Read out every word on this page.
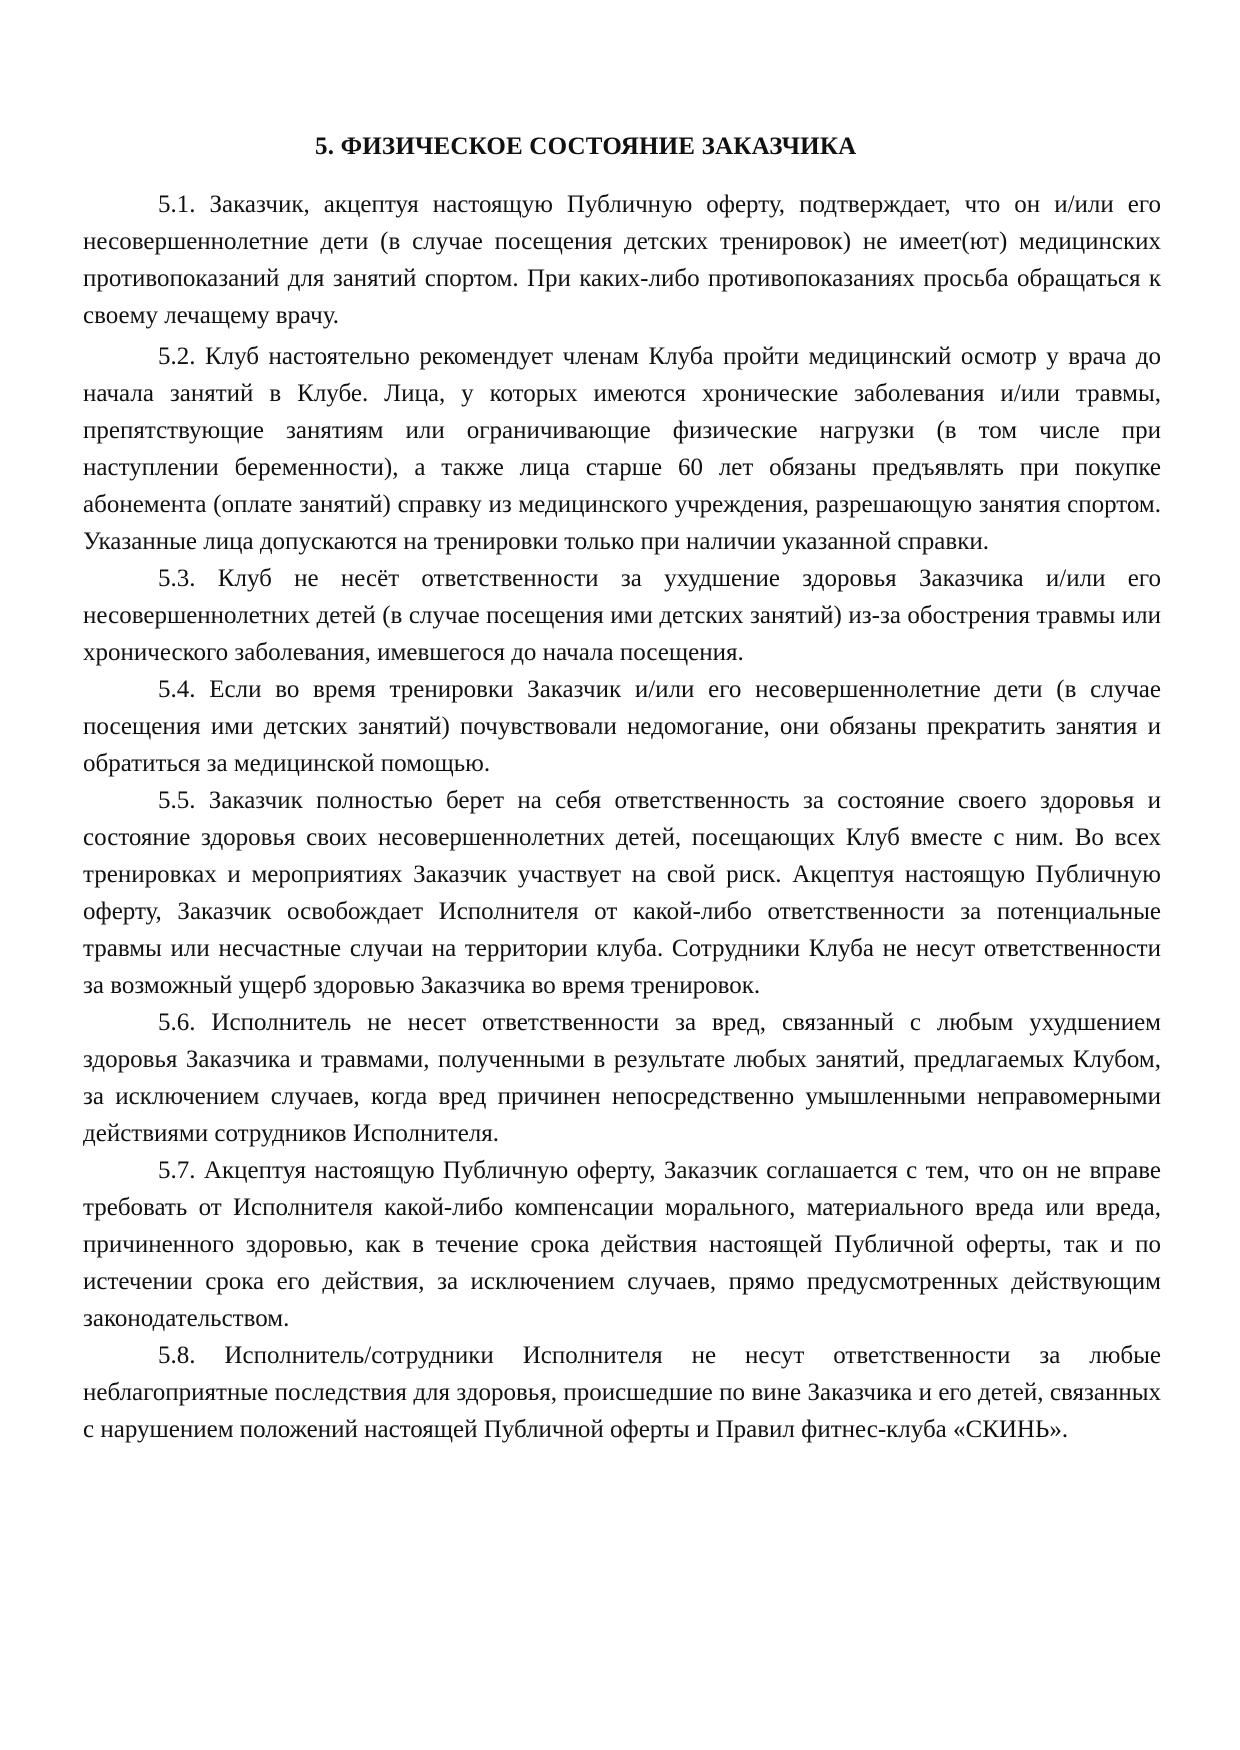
5. ФИЗИЧЕСКОЕ СОСТОЯНИЕ ЗАКАЗЧИКА

5.1. Заказчик, акцептуя настоящую Публичную оферту, подтверждает, что он и/или его несовершеннолетние дети (в случае посещения детских тренировок) не имеет(ют) медицинских противопоказаний для занятий спортом. При каких-либо противопоказаниях просьба обращаться к своему лечащему врачу.

5.2. Клуб настоятельно рекомендует членам Клуба пройти медицинский осмотр у врача до начала занятий в Клубе. Лица, у которых имеются хронические заболевания и/или травмы, препятствующие занятиям или ограничивающие физические нагрузки (в том числе при наступлении беременности), а также лица старше 60 лет обязаны предъявлять при покупке абонемента (оплате занятий) справку из медицинского учреждения, разрешающую занятия спортом. Указанные лица допускаются на тренировки только при наличии указанной справки.

5.3. Клуб не несёт ответственности за ухудшение здоровья Заказчика и/или его несовершеннолетних детей (в случае посещения ими детских занятий) из-за обострения травмы или хронического заболевания, имевшегося до начала посещения.

5.4. Если во время тренировки Заказчик и/или его несовершеннолетние дети (в случае посещения ими детских занятий) почувствовали недомогание, они обязаны прекратить занятия и обратиться за медицинской помощью.

5.5. Заказчик полностью берет на себя ответственность за состояние своего здоровья и состояние здоровья своих несовершеннолетних детей, посещающих Клуб вместе с ним. Во всех тренировках и мероприятиях Заказчик участвует на свой риск. Акцептуя настоящую Публичную оферту, Заказчик освобождает Исполнителя от какой-либо ответственности за потенциальные травмы или несчастные случаи на территории клуба. Сотрудники Клуба не несут ответственности за возможный ущерб здоровью Заказчика во время тренировок.

5.6. Исполнитель не несет ответственности за вред, связанный с любым ухудшением здоровья Заказчика и травмами, полученными в результате любых занятий, предлагаемых Клубом, за исключением случаев, когда вред причинен непосредственно умышленными неправомерными действиями сотрудников Исполнителя.

5.7. Акцептуя настоящую Публичную оферту, Заказчик соглашается с тем, что он не вправе требовать от Исполнителя какой-либо компенсации морального, материального вреда или вреда, причиненного здоровью, как в течение срока действия настоящей Публичной оферты, так и по истечении срока его действия, за исключением случаев, прямо предусмотренных действующим законодательством.

5.8. Исполнитель/сотрудники Исполнителя не несут ответственности за любые неблагоприятные последствия для здоровья, происшедшие по вине Заказчика и его детей, связанных с нарушением положений настоящей Публичной оферты и Правил фитнес-клуба «СКИНЬ».
